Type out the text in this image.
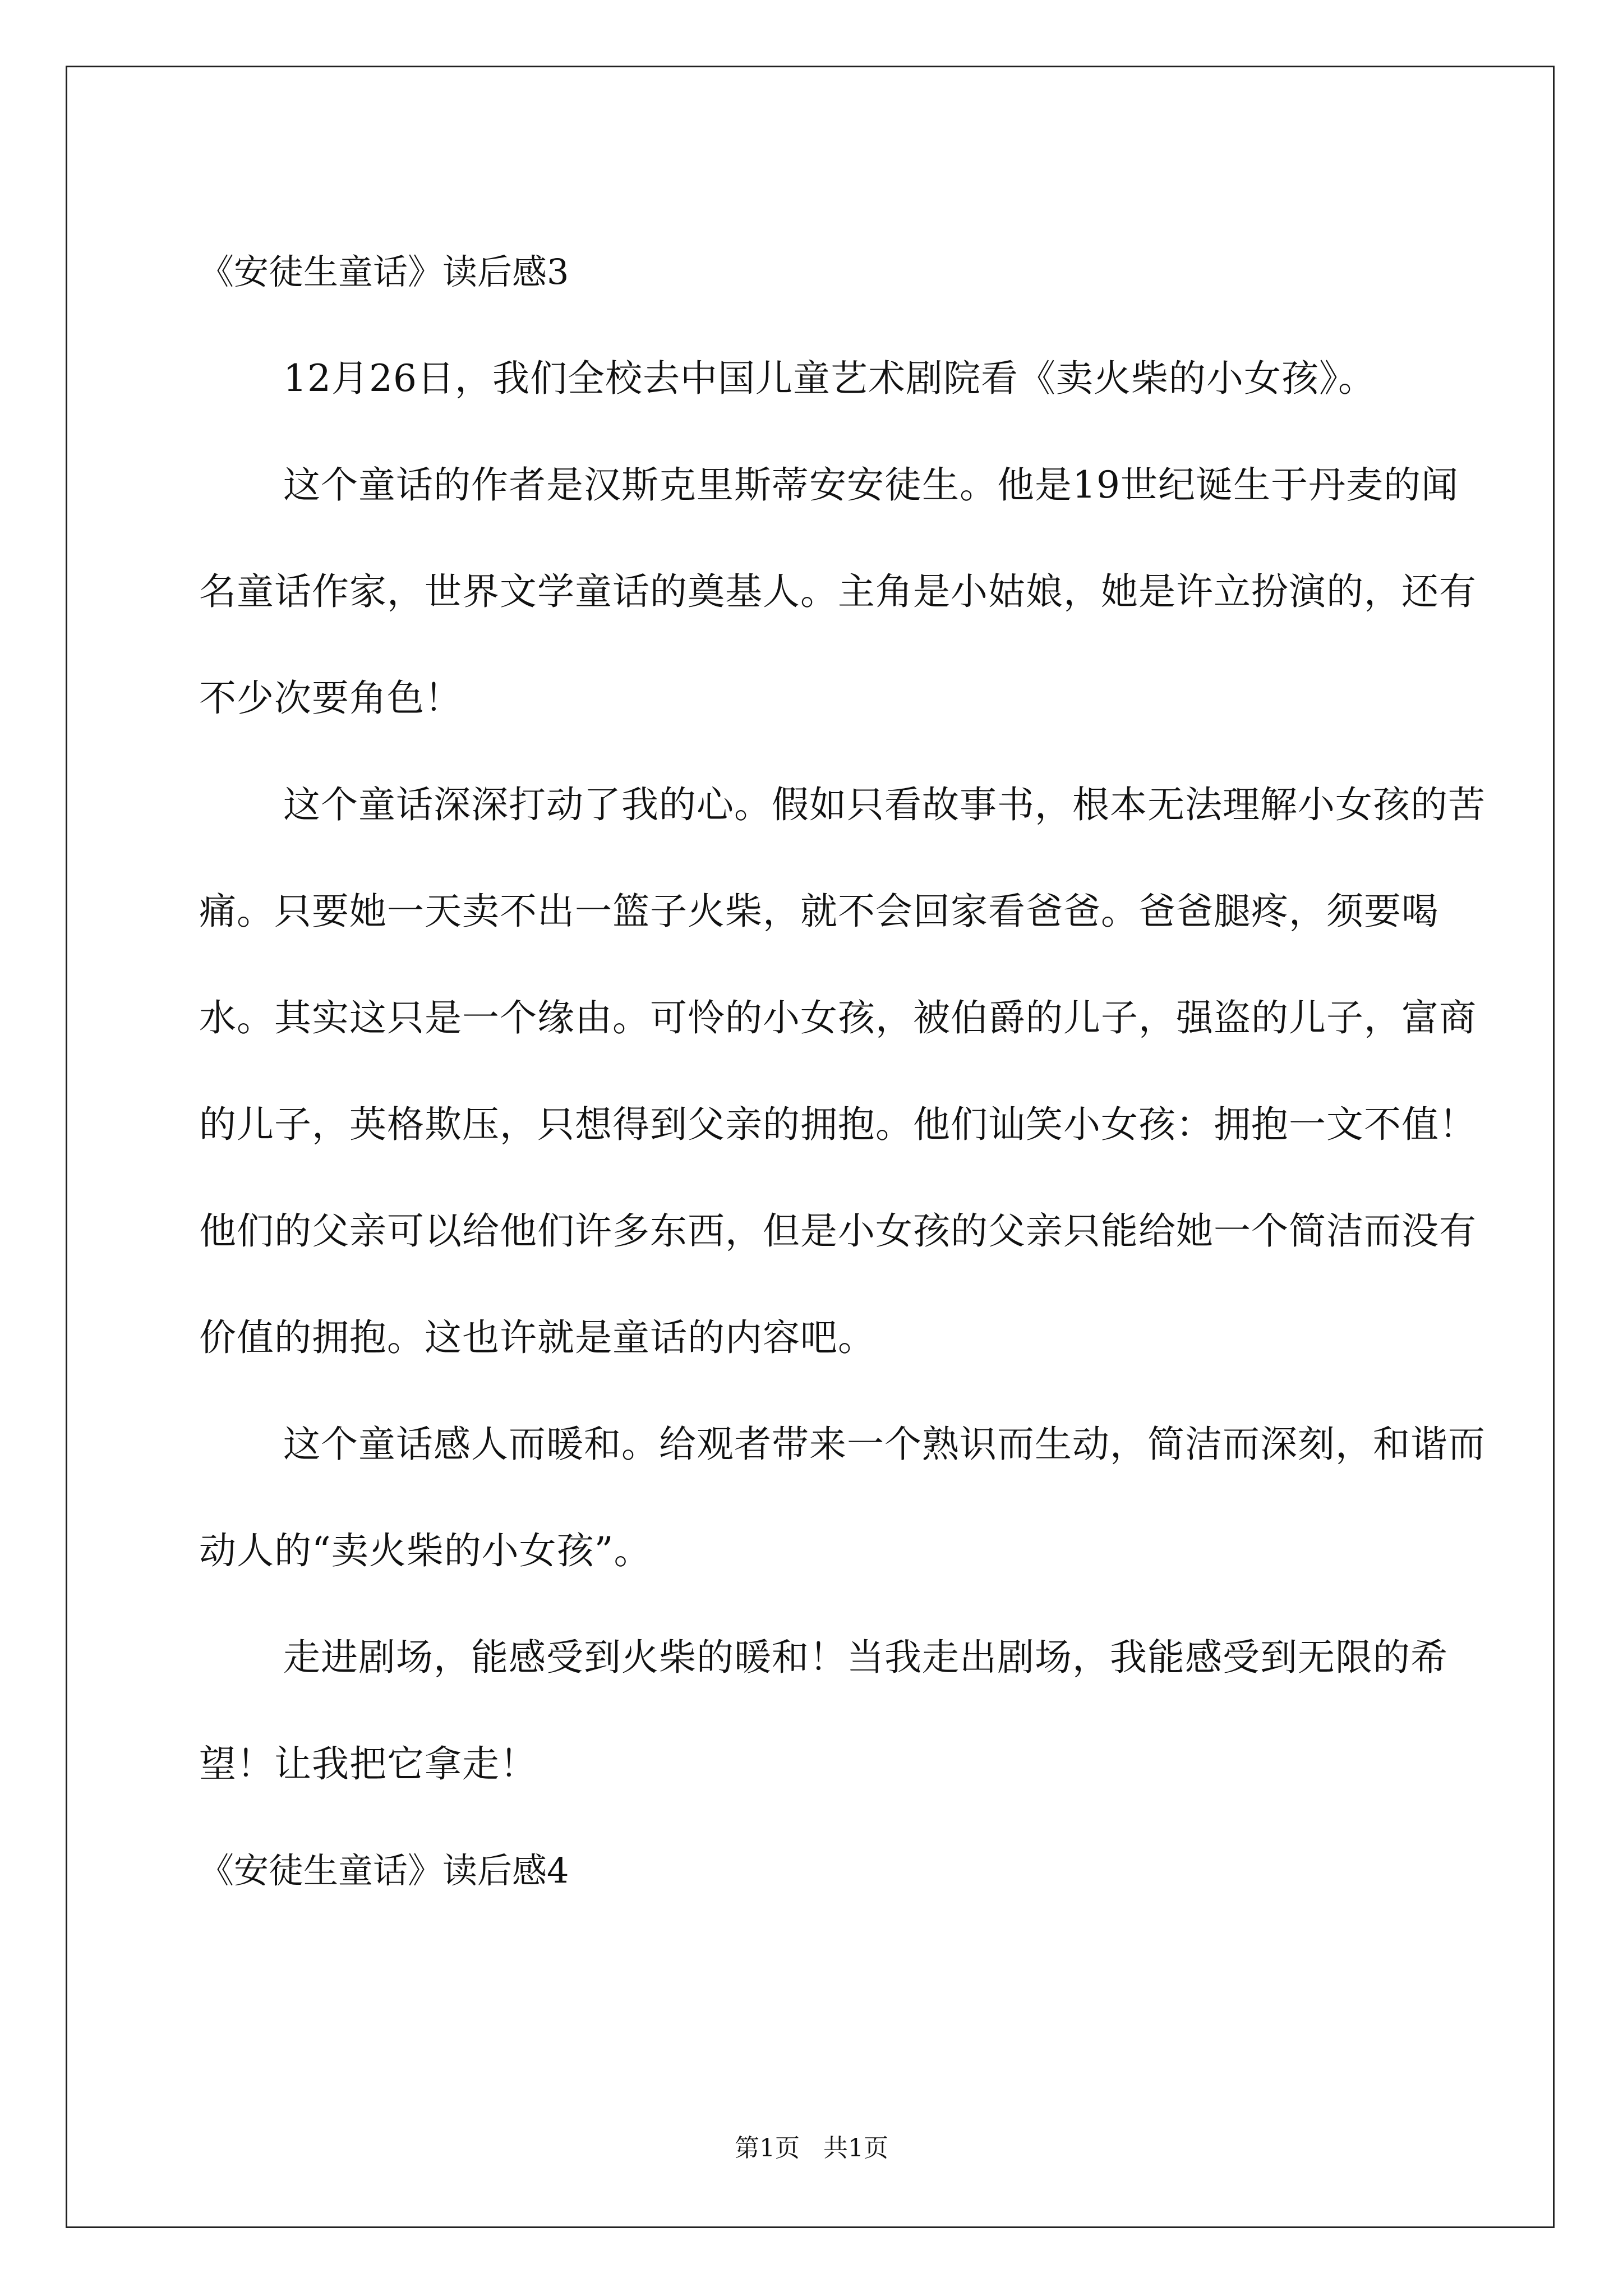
《安徒生童话》读后感3

12月26日，我们全校去中国儿童艺术剧院看《卖火柴的小女孩》。

这个童话的作者是汉斯克里斯蒂安安徒生。他是19世纪诞生于丹麦的闻名童话作家，世界文学童话的奠基人。主角是小姑娘，她是许立扮演的，还有不少次要角色！

这个童话深深打动了我的心。假如只看故事书，根本无法理解小女孩的苦痛。只要她一天卖不出一篮子火柴，就不会回家看爸爸。爸爸腿疼，须要喝水。其实这只是一个缘由。可怜的小女孩，被伯爵的儿子，强盗的儿子，富商的儿子，英格欺压，只想得到父亲的拥抱。他们讪笑小女孩：拥抱一文不值！他们的父亲可以给他们许多东西，但是小女孩的父亲只能给她一个简洁而没有价值的拥抱。这也许就是童话的内容吧。

这个童话感人而暖和。给观者带来一个熟识而生动，简洁而深刻，和谐而动人的“卖火柴的小女孩”。

走进剧场，能感受到火柴的暖和！当我走出剧场，我能感受到无限的希望！让我把它拿走！

《安徒生童话》读后感4
第1页   共1页
